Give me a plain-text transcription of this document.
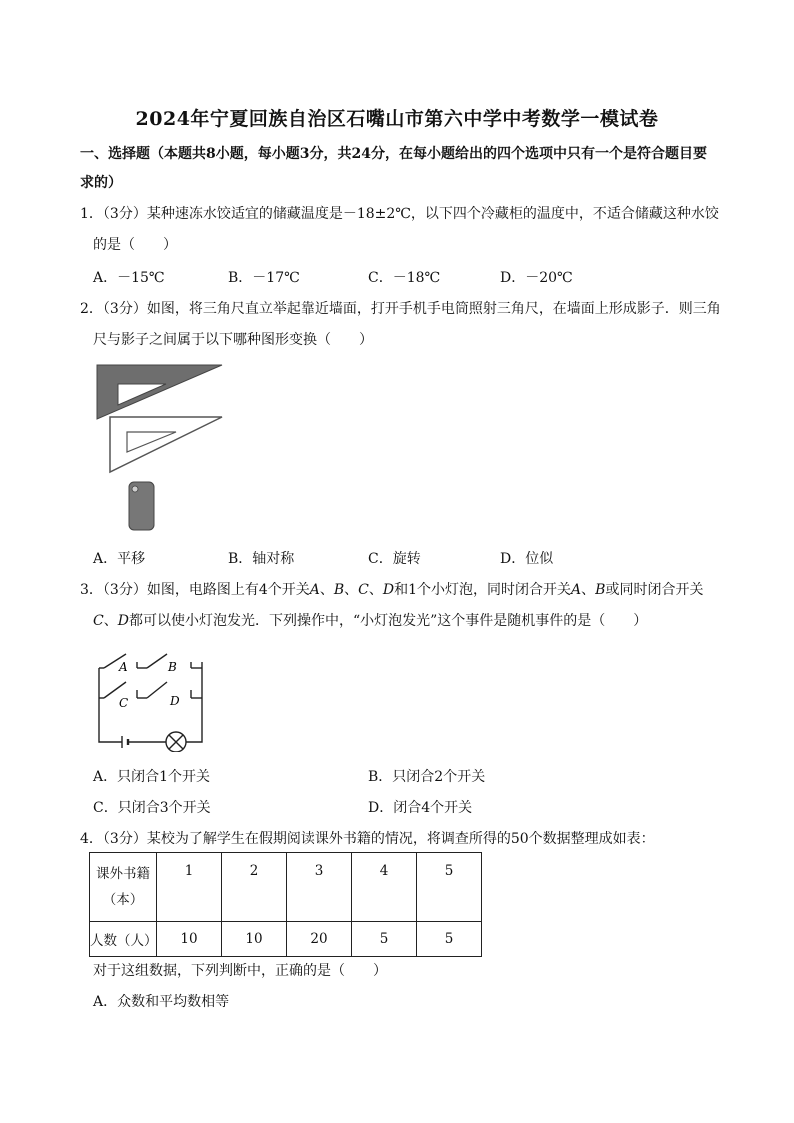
2024年宁夏回族自治区石嘴山市第六中学中考数学一模试卷
一、选择题（本题共8小题，每小题3分，共24分，在每小题给出的四个选项中只有一个是符合题目要
求的）
1．（3分）某种速冻水饺适宜的储藏温度是－18±2℃，以下四个冷藏柜的温度中，不适合储藏这种水饺
的是（　　）
A．－15℃	B．－17℃	C．－18℃	D．－20℃
2．（3分）如图，将三角尺直立举起靠近墙面，打开手机手电筒照射三角尺，在墙面上形成影子．则三角
尺与影子之间属于以下哪种图形变换（　　）
A．平移	B．轴对称	C．旋转	D．位似
3．（3分）如图，电路图上有4个开关A、B、C、D和1个小灯泡，同时闭合开关A、B或同时闭合开关
C、D都可以使小灯泡发光．下列操作中，“小灯泡发光”这个事件是随机事件的是（　　）
A	B
C	D
A．只闭合1个开关	B．只闭合2个开关
C．只闭合3个开关	D．闭合4个开关
4．（3分）某校为了解学生在假期阅读课外书籍的情况，将调查所得的50个数据整理成如表：
课外书籍
（本）	1	2	3	4	5
人数（人）	10	10	20	5	5
对于这组数据，下列判断中，正确的是（　　）
A．众数和平均数相等
